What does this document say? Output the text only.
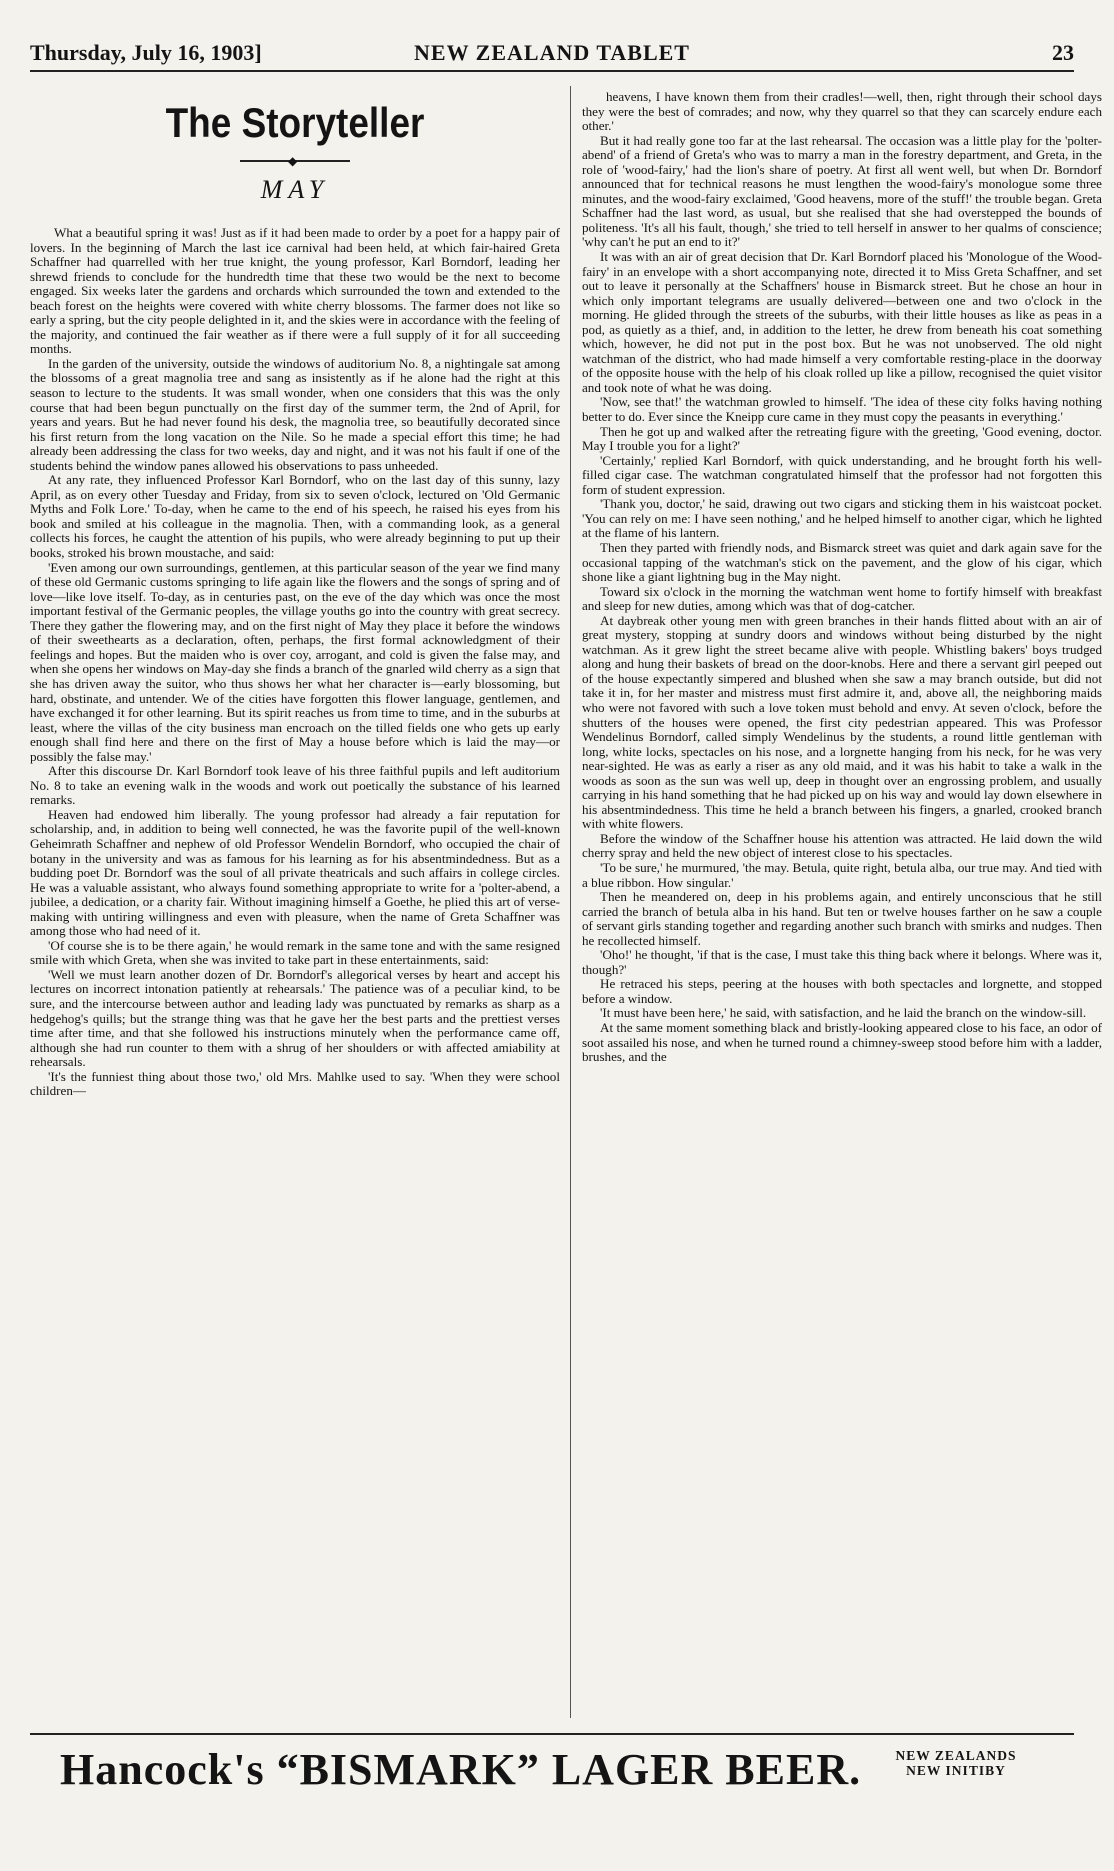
Thursday, July 16, 1903]	NEW ZEALAND TABLET	23
The Storyteller
◆
MAY

What a beautiful spring it was! Just as if it had been made to order by a poet for a happy pair of lovers. In the beginning of March the last ice carnival had been held, at which fair-haired Greta Schaffner had quarrelled with her true knight, the young professor, Karl Borndorf, leading her shrewd friends to conclude for the hundredth time that these two would be the next to become engaged. Six weeks later the gardens and orchards which surrounded the town and extended to the beach forest on the heights were covered with white cherry blossoms. The farmer does not like so early a spring, but the city people delighted in it, and the skies were in accordance with the feeling of the majority, and continued the fair weather as if there were a full supply of it for all succeeding months.

In the garden of the university, outside the windows of auditorium No. 8, a nightingale sat among the blossoms of a great magnolia tree and sang as insistently as if he alone had the right at this season to lecture to the students. It was small wonder, when one considers that this was the only course that had been begun punctually on the first day of the summer term, the 2nd of April, for years and years. But he had never found his desk, the magnolia tree, so beautifully decorated since his first return from the long vacation on the Nile. So he made a special effort this time; he had already been addressing the class for two weeks, day and night, and it was not his fault if one of the students behind the window panes allowed his observations to pass unheeded.

At any rate, they influenced Professor Karl Borndorf, who on the last day of this sunny, lazy April, as on every other Tuesday and Friday, from six to seven o'clock, lectured on 'Old Germanic Myths and Folk Lore.' To-day, when he came to the end of his speech, he raised his eyes from his book and smiled at his colleague in the magnolia. Then, with a commanding look, as a general collects his forces, he caught the attention of his pupils, who were already beginning to put up their books, stroked his brown moustache, and said:

'Even among our own surroundings, gentlemen, at this particular season of the year we find many of these old Germanic customs springing to life again like the flowers and the songs of spring and of love—like love itself. To-day, as in centuries past, on the eve of the day which was once the most important festival of the Germanic peoples, the village youths go into the country with great secrecy. There they gather the flowering may, and on the first night of May they place it before the windows of their sweethearts as a declaration, often, perhaps, the first formal acknowledgment of their feelings and hopes. But the maiden who is over coy, arrogant, and cold is given the false may, and when she opens her windows on May-day she finds a branch of the gnarled wild cherry as a sign that she has driven away the suitor, who thus shows her what her character is—early blossoming, but hard, obstinate, and untender. We of the cities have forgotten this flower language, gentlemen, and have exchanged it for other learning. But its spirit reaches us from time to time, and in the suburbs at least, where the villas of the city business man encroach on the tilled fields one who gets up early enough shall find here and there on the first of May a house before which is laid the may—or possibly the false may.'

After this discourse Dr. Karl Borndorf took leave of his three faithful pupils and left auditorium No. 8 to take an evening walk in the woods and work out poetically the substance of his learned remarks.

Heaven had endowed him liberally. The young professor had already a fair reputation for scholarship, and, in addition to being well connected, he was the favorite pupil of the well-known Geheimrath Schaffner and nephew of old Professor Wendelin Borndorf, who occupied the chair of botany in the university and was as famous for his learning as for his absentmindedness. But as a budding poet Dr. Borndorf was the soul of all private theatricals and such affairs in college circles. He was a valuable assistant, who always found something appropriate to write for a 'polter-abend, a jubilee, a dedication, or a charity fair. Without imagining himself a Goethe, he plied this art of verse-making with untiring willingness and even with pleasure, when the name of Greta Schaffner was among those who had need of it.

'Of course she is to be there again,' he would remark in the same tone and with the same resigned smile with which Greta, when she was invited to take part in these entertainments, said:

'Well we must learn another dozen of Dr. Borndorf's allegorical verses by heart and accept his lectures on incorrect intonation patiently at rehearsals.' The patience was of a peculiar kind, to be sure, and the intercourse between author and leading lady was punctuated by remarks as sharp as a hedgehog's quills; but the strange thing was that he gave her the best parts and the prettiest verses time after time, and that she followed his instructions minutely when the performance came off, although she had run counter to them with a shrug of her shoulders or with affected amiability at rehearsals.

'It's the funniest thing about those two,' old Mrs. Mahlke used to say. 'When they were school children—

heavens, I have known them from their cradles!—well, then, right through their school days they were the best of comrades; and now, why they quarrel so that they can scarcely endure each other.'

But it had really gone too far at the last rehearsal. The occasion was a little play for the 'polter-abend' of a friend of Greta's who was to marry a man in the forestry department, and Greta, in the role of 'wood-fairy,' had the lion's share of poetry. At first all went well, but when Dr. Borndorf announced that for technical reasons he must lengthen the wood-fairy's monologue some three minutes, and the wood-fairy exclaimed, 'Good heavens, more of the stuff!' the trouble began. Greta Schaffner had the last word, as usual, but she realised that she had overstepped the bounds of politeness. 'It's all his fault, though,' she tried to tell herself in answer to her qualms of conscience; 'why can't he put an end to it?'

It was with an air of great decision that Dr. Karl Borndorf placed his 'Monologue of the Wood-fairy' in an envelope with a short accompanying note, directed it to Miss Greta Schaffner, and set out to leave it personally at the Schaffners' house in Bismarck street. But he chose an hour in which only important telegrams are usually delivered—between one and two o'clock in the morning. He glided through the streets of the suburbs, with their little houses as like as peas in a pod, as quietly as a thief, and, in addition to the letter, he drew from beneath his coat something which, however, he did not put in the post box. But he was not unobserved. The old night watchman of the district, who had made himself a very comfortable resting-place in the doorway of the opposite house with the help of his cloak rolled up like a pillow, recognised the quiet visitor and took note of what he was doing.

'Now, see that!' the watchman growled to himself. 'The idea of these city folks having nothing better to do. Ever since the Kneipp cure came in they must copy the peasants in everything.'

Then he got up and walked after the retreating figure with the greeting, 'Good evening, doctor. May I trouble you for a light?'

'Certainly,' replied Karl Borndorf, with quick understanding, and he brought forth his well-filled cigar case. The watchman congratulated himself that the professor had not forgotten this form of student expression.

'Thank you, doctor,' he said, drawing out two cigars and sticking them in his waistcoat pocket. 'You can rely on me: I have seen nothing,' and he helped himself to another cigar, which he lighted at the flame of his lantern.

Then they parted with friendly nods, and Bismarck street was quiet and dark again save for the occasional tapping of the watchman's stick on the pavement, and the glow of his cigar, which shone like a giant lightning bug in the May night.

Toward six o'clock in the morning the watchman went home to fortify himself with breakfast and sleep for new duties, among which was that of dog-catcher.

At daybreak other young men with green branches in their hands flitted about with an air of great mystery, stopping at sundry doors and windows without being disturbed by the night watchman. As it grew light the street became alive with people. Whistling bakers' boys trudged along and hung their baskets of bread on the door-knobs. Here and there a servant girl peeped out of the house expectantly simpered and blushed when she saw a may branch outside, but did not take it in, for her master and mistress must first admire it, and, above all, the neighboring maids who were not favored with such a love token must behold and envy. At seven o'clock, before the shutters of the houses were opened, the first city pedestrian appeared. This was Professor Wendelinus Borndorf, called simply Wendelinus by the students, a round little gentleman with long, white locks, spectacles on his nose, and a lorgnette hanging from his neck, for he was very near-sighted. He was as early a riser as any old maid, and it was his habit to take a walk in the woods as soon as the sun was well up, deep in thought over an engrossing problem, and usually carrying in his hand something that he had picked up on his way and would lay down elsewhere in his absentmindedness. This time he held a branch between his fingers, a gnarled, crooked branch with white flowers.

Before the window of the Schaffner house his attention was attracted. He laid down the wild cherry spray and held the new object of interest close to his spectacles.

'To be sure,' he murmured, 'the may. Betula, quite right, betula alba, our true may. And tied with a blue ribbon. How singular.'

Then he meandered on, deep in his problems again, and entirely unconscious that he still carried the branch of betula alba in his hand. But ten or twelve houses farther on he saw a couple of servant girls standing together and regarding another such branch with smirks and nudges. Then he recollected himself.

'Oho!' he thought, 'if that is the case, I must take this thing back where it belongs. Where was it, though?'

He retraced his steps, peering at the houses with both spectacles and lorgnette, and stopped before a window.

'It must have been here,' he said, with satisfaction, and he laid the branch on the window-sill.

At the same moment something black and bristly-looking appeared close to his face, an odor of soot assailed his nose, and when he turned round a chimney-sweep stood before him with a ladder, brushes, and the

Hancock's “BISMARK” LAGER BEER.	NEW ZEALANDS
NEW INITIBY
